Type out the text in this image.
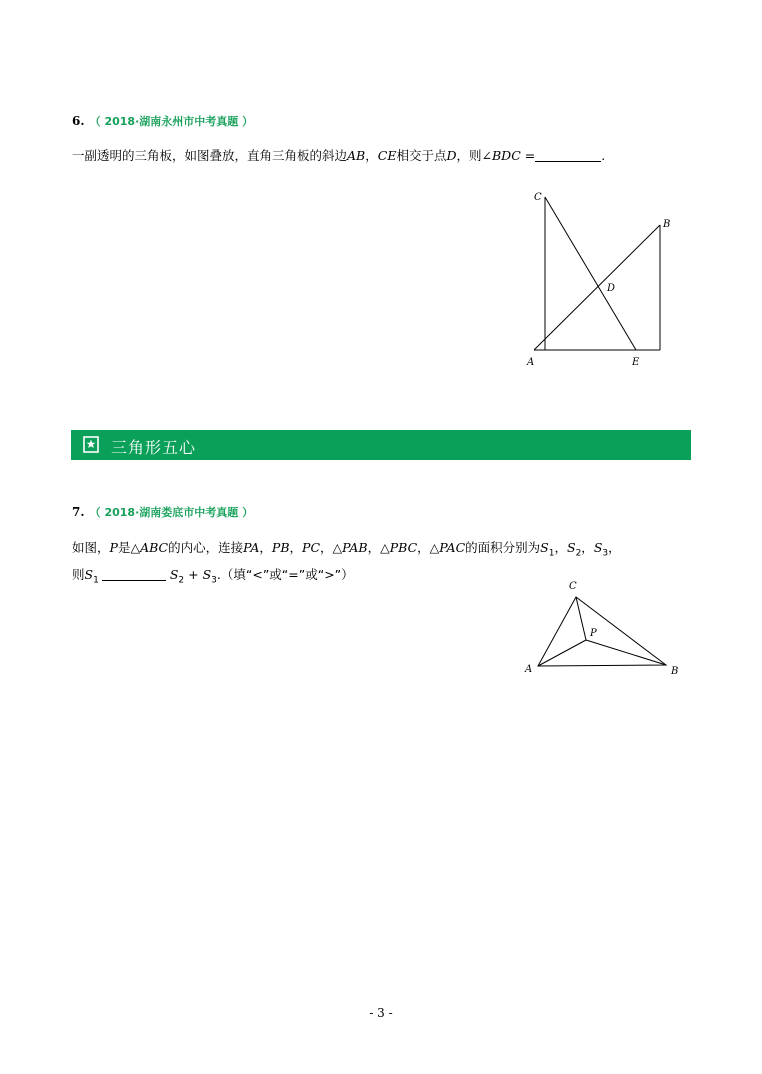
6. （ 2018·湖南永州市中考真题 ）
一副透明的三角板，如图叠放，直角三角板的斜边AB，CE相交于点D，则∠BDC =	.
C
B
D
A	E
三角形五心
7. （ 2018·湖南娄底市中考真题 ）
如图，P是△ABC的内心，连接PA，PB，PC，△PAB，△PBC，△PAC的面积分别为$S_1$，$S_2$，$S_3$，
则$S_1$	$S_2 + S_3$.（填“<”或“=”或“>”）
C
P
A	B
- 3 -
